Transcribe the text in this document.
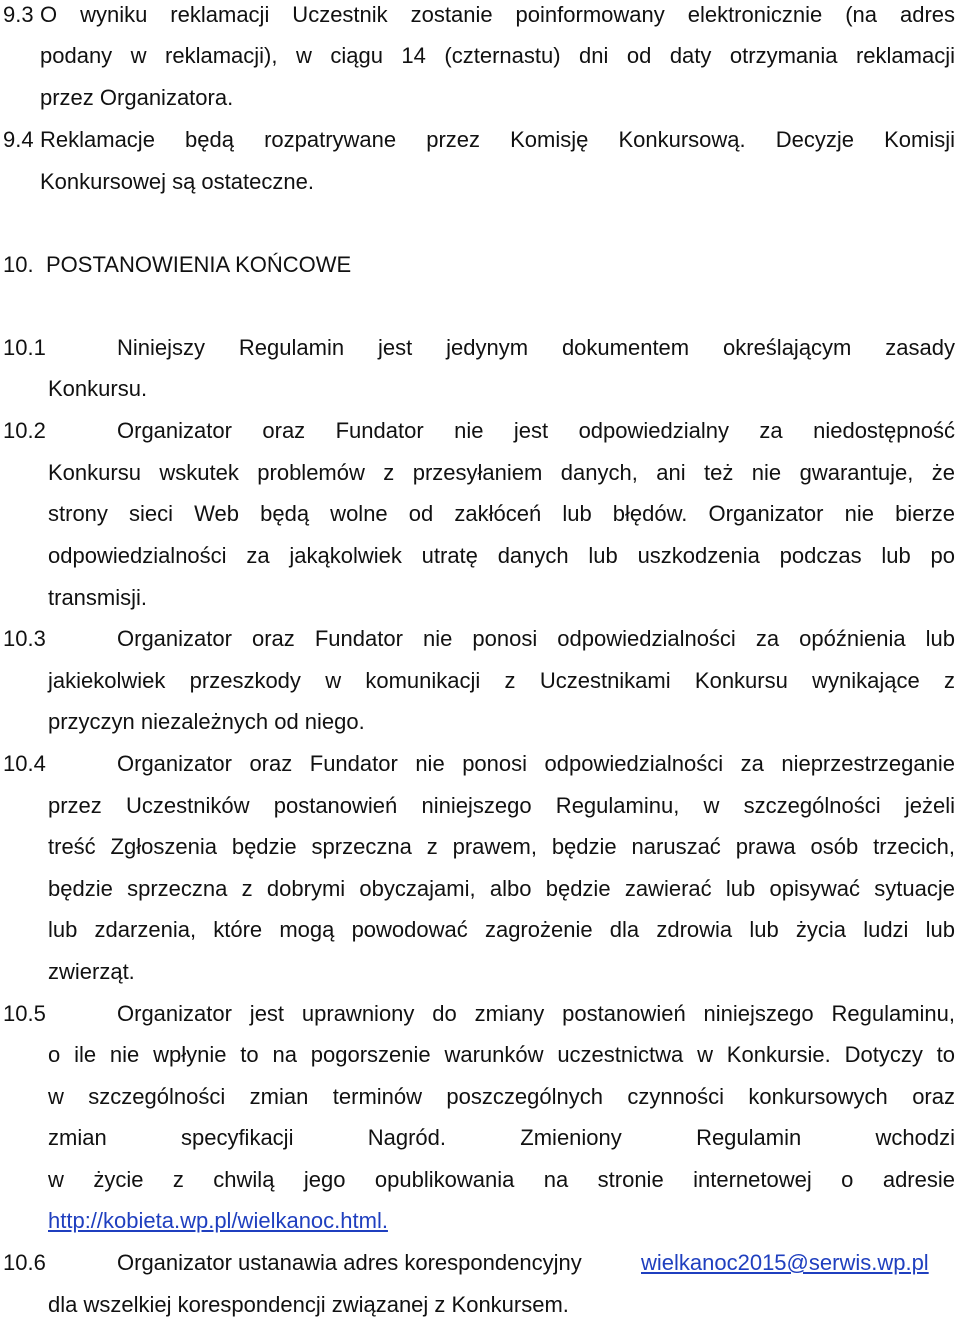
9.3 O wyniku reklamacji Uczestnik zostanie poinformowany elektronicznie (na adres
podany w reklamacji), w ciągu 14 (czternastu) dni od daty otrzymania reklamacji
przez Organizatora.
9.4 Reklamacje będą rozpatrywane przez Komisję Konkursową. Decyzje Komisji
Konkursowej są ostateczne.
10. POSTANOWIENIA KOŃCOWE
10.1	Niniejszy Regulamin jest jedynym dokumentem określającym zasady
Konkursu.
10.2	Organizator oraz Fundator nie jest odpowiedzialny za niedostępność
Konkursu wskutek problemów z przesyłaniem danych, ani też nie gwarantuje, że
strony sieci Web będą wolne od zakłóceń lub błędów. Organizator nie bierze
odpowiedzialności za jakąkolwiek utratę danych lub uszkodzenia podczas lub po
transmisji.
10.3	Organizator oraz Fundator nie ponosi odpowiedzialności za opóźnienia lub
jakiekolwiek przeszkody w komunikacji z Uczestnikami Konkursu wynikające z
przyczyn niezależnych od niego.
10.4	Organizator oraz Fundator nie ponosi odpowiedzialności za nieprzestrzeganie
przez Uczestników postanowień niniejszego Regulaminu, w szczególności jeżeli
treść Zgłoszenia będzie sprzeczna z prawem, będzie naruszać prawa osób trzecich,
będzie sprzeczna z dobrymi obyczajami, albo będzie zawierać lub opisywać sytuacje
lub zdarzenia, które mogą powodować zagrożenie dla zdrowia lub życia ludzi lub
zwierząt.
10.5	Organizator jest uprawniony do zmiany postanowień niniejszego Regulaminu,
o ile nie wpłynie to na pogorszenie warunków uczestnictwa w Konkursie. Dotyczy to
w szczególności zmian terminów poszczególnych czynności konkursowych oraz
zmian specyfikacji Nagród. Zmieniony Regulamin wchodzi
w życie z chwilą jego opublikowania na stronie internetowej o adresie
http://kobieta.wp.pl/wielkanoc.html.
10.6	Organizator ustanawia adres korespondencyjny	wielkanoc2015@serwis.wp.pl
dla wszelkiej korespondencji związanej z Konkursem.
